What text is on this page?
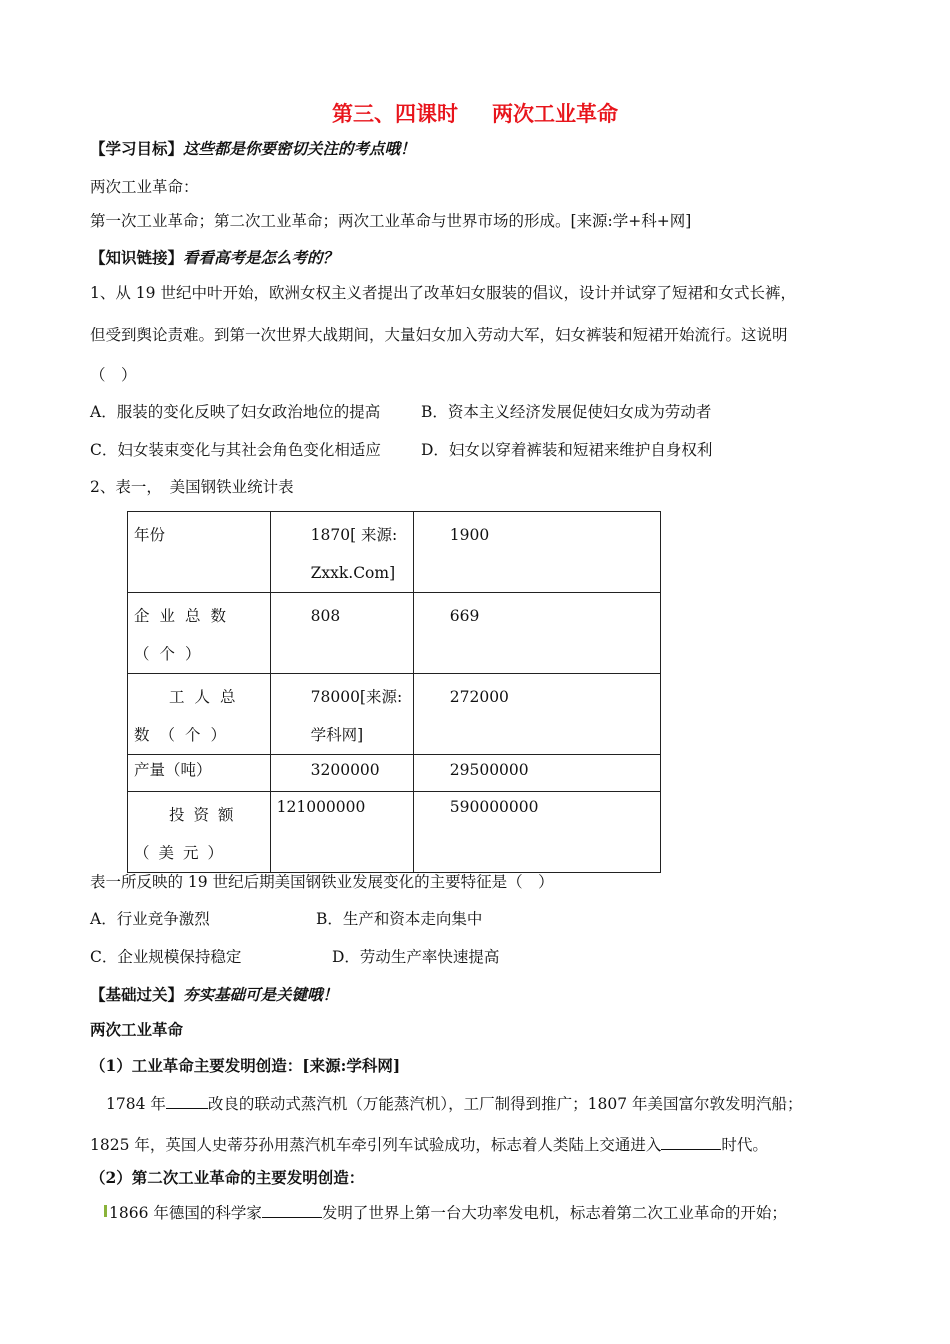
第三、四课时 两次工业革命
【学习目标】这些都是你要密切关注的考点哦！
两次工业革命：
第一次工业革命；第二次工业革命；两次工业革命与世界市场的形成。[来源:学+科+网]
【知识链接】看看高考是怎么考的？
1、从 19 世纪中叶开始，欧洲女权主义者提出了改革妇女服装的倡议，设计并试穿了短裙和女式长裤，
但受到舆论责难。到第一次世界大战期间，大量妇女加入劳动大军，妇女裤装和短裙开始流行。这说明
（　）
A．服装的变化反映了妇女政治地位的提高	B．资本主义经济发展促使妇女成为劳动者
C．妇女装束变化与其社会角色变化相适应	D．妇女以穿着裤装和短裙来维护自身权利
2、表一，　美国钢铁业统计表
年份	1870[ 来源:Zxxk.Com]	1900

企业总数（个）	808	669

工人总数（个）	78000[来源:学科网]	272000
产量（吨）	3200000	29500000

投资额（美元）	121000000	590000000
表一所反映的 19 世纪后期美国钢铁业发展变化的主要特征是（　）
A．行业竞争激烈	B．生产和资本走向集中
C．企业规模保持稳定	D．劳动生产率快速提高
【基础过关】夯实基础可是关键哦！
两次工业革命
（1）工业革命主要发明创造：[来源:学科网]
1784 年	改良的联动式蒸汽机（万能蒸汽机），工厂制得到推广；1807 年美国富尔敦发明汽船；
1825 年，英国人史蒂芬孙用蒸汽机车牵引列车试验成功，标志着人类陆上交通进入	时代。
（2）第二次工业革命的主要发明创造：
1866 年德国的科学家	发明了世界上第一台大功率发电机，标志着第二次工业革命的开始；
